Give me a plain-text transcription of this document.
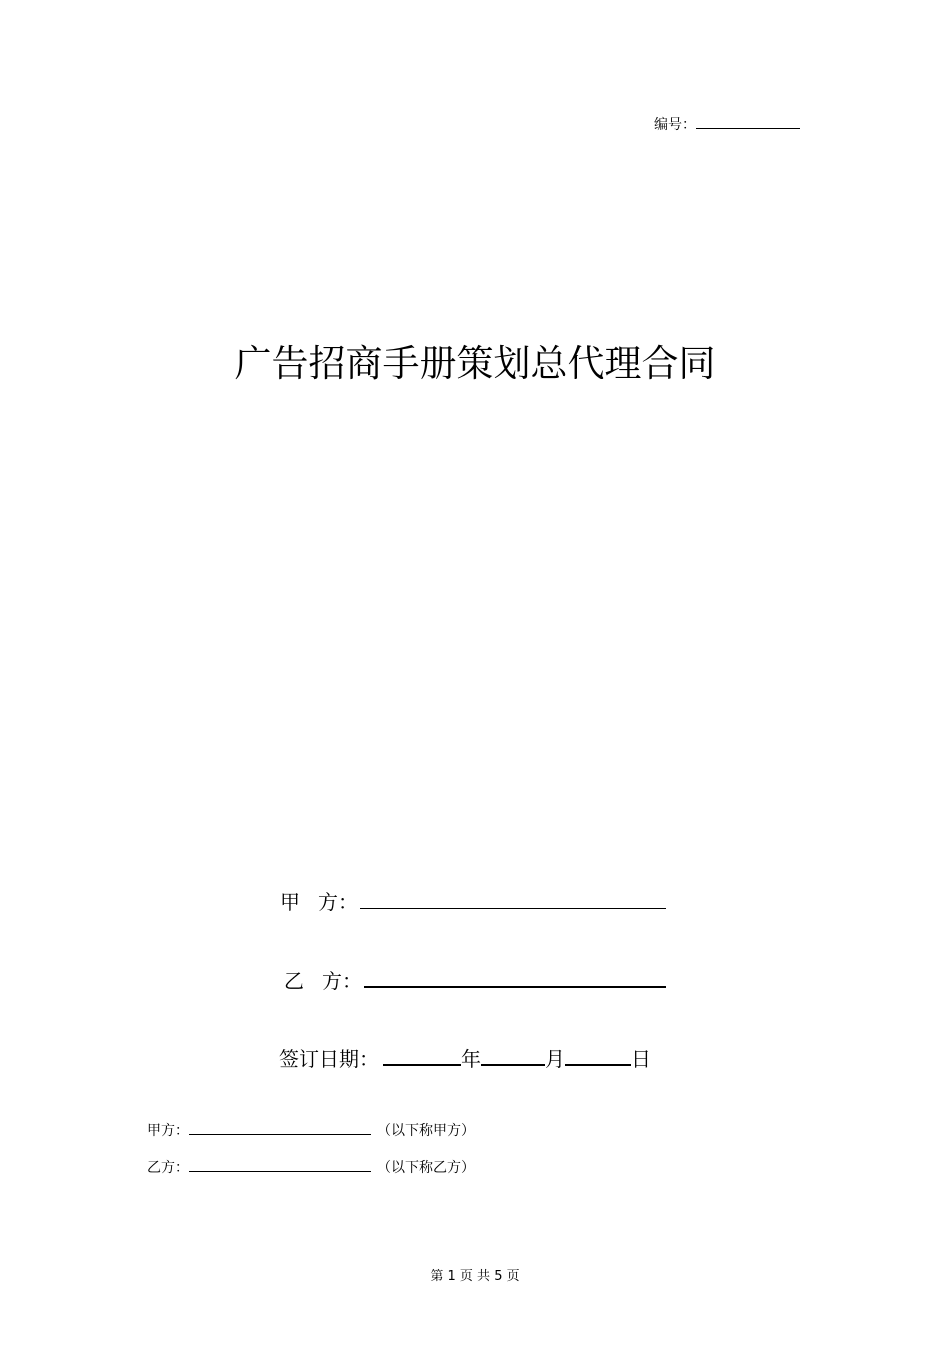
编号：
广告招商手册策划总代理合同
甲 方：
乙 方：
签订日期：	年	月	日
甲方：	（以下称甲方）
乙方：	（以下称乙方）
第 1 页 共 5 页
